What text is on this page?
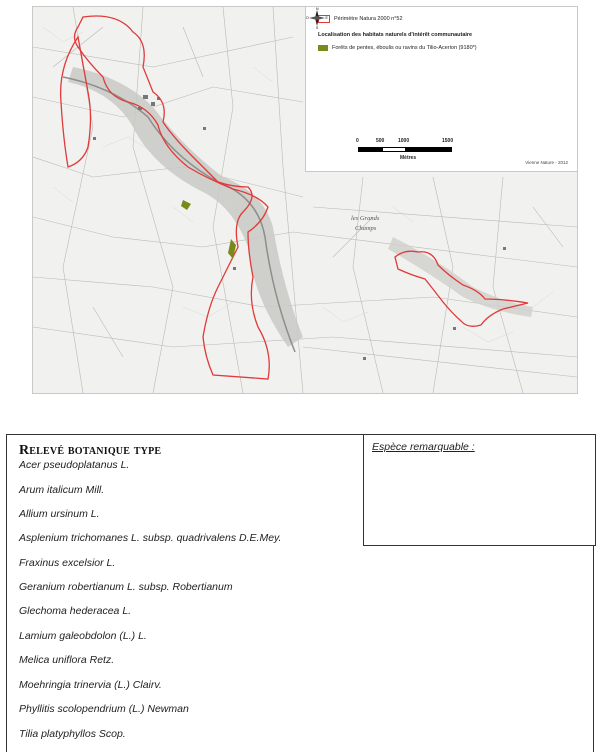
les Grands
Champs
Périmètre Natura 2000 n°52
Localisation des habitats naturels d'intérêt communautaire
Forêts de pentes, éboulis ou ravins du Tilio-Acerion (9180*)
0	500	1000	1500
Mètres
N
E
S
O
Vienne Nature - 2012
Relevé botanique type
Acer pseudoplatanus L.
Arum italicum Mill.
Allium ursinum L.
Asplenium trichomanes L. subsp. quadrivalens D.E.Mey.
Fraxinus excelsior L.
Geranium robertianum L. subsp. Robertianum
Glechoma hederacea L.
Lamium galeobdolon (L.) L.
Melica uniflora Retz.
Moehringia trinervia (L.) Clairv.
Phyllitis scolopendrium (L.) Newman
Tilia platyphyllos Scop.
Espèce remarquable :
